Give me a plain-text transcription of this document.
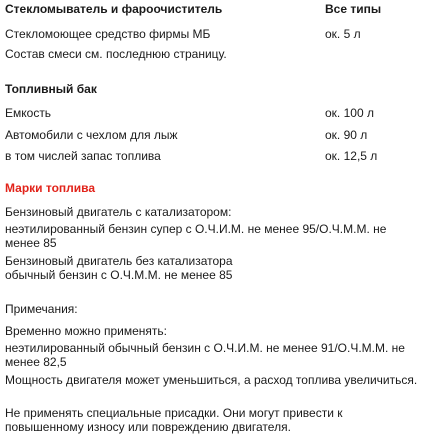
Стекломыватель и фароочиститель	Все типы
Стекломоющее средство фирмы МБ	ок. 5 л
Состав смеси см. последнюю страницу.
Топливный бак
Емкость	ок. 100 л
Автомобили с чехлом для лыж	ок. 90 л
в том числей запас топлива	ок. 12,5 л
Марки топлива
Бензиновый двигатель с катализатором:
неэтилированный бензин супер с О.Ч.И.М. не менее 95/О.Ч.М.М. не менее 85
Бензиновый двигатель без катализатора
обычный бензин с О.Ч.М.М. не менее 85
Примечания:
Временно можно применять:
неэтилированный обычный бензин с О.Ч.И.М. не менее 91/О.Ч.М.М. не менее 82,5
Мощность двигателя может уменьшиться, а расход топлива увеличиться.
Не применять специальные присадки. Они могут привести к повышенному износу или повреждению двигателя.
